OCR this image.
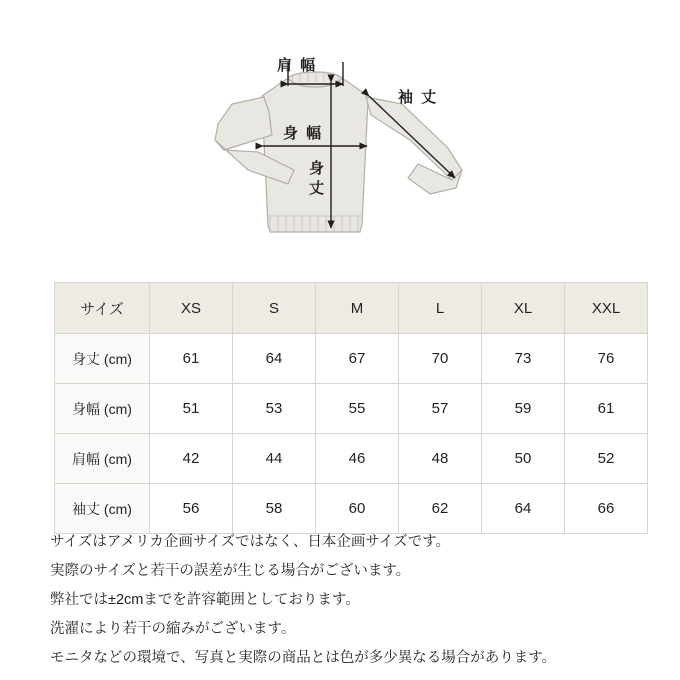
肩 幅
袖 丈
身 幅
身
丈
サイズ	XS	S	M	L	XL	XXL
身丈 (cm)	61	64	67	70	73	76
身幅 (cm)	51	53	55	57	59	61
肩幅 (cm)	42	44	46	48	50	52
袖丈 (cm)	56	58	60	62	64	66

サイズはアメリカ企画サイズではなく、日本企画サイズです。

実際のサイズと若干の誤差が生じる場合がございます。

弊社では±2cmまでを許容範囲としております。

洗濯により若干の縮みがございます。

モニタなどの環境で、写真と実際の商品とは色が多少異なる場合があります。
